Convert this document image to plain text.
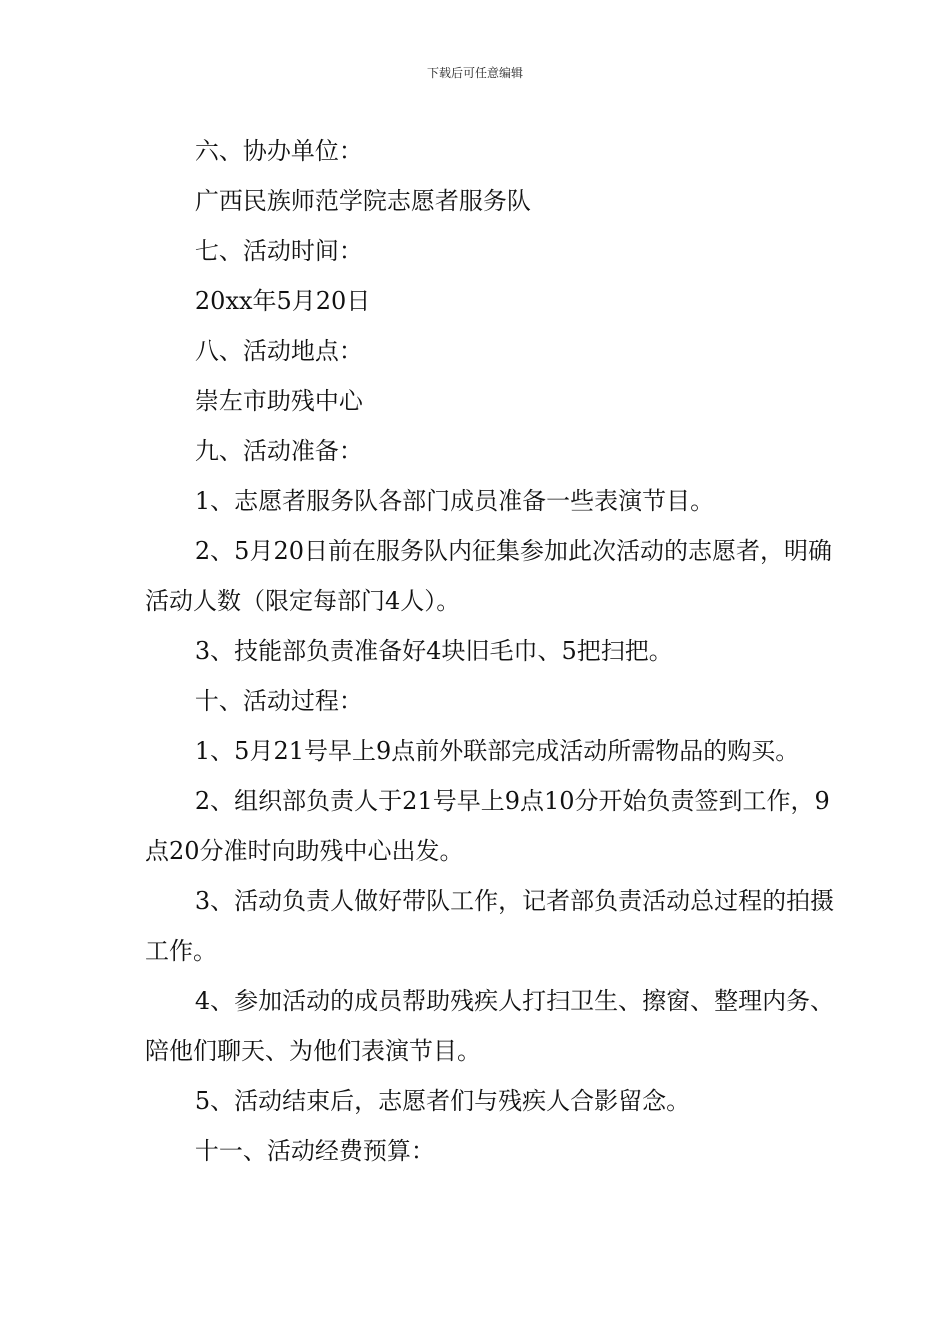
下载后可任意编辑

六、协办单位：

广西民族师范学院志愿者服务队

七、活动时间：

20xx年5月20日

八、活动地点：

崇左市助残中心

九、活动准备：

1、志愿者服务队各部门成员准备一些表演节目。

2、5月20日前在服务队内征集参加此次活动的志愿者，明确活动人数（限定每部门4人）。

3、技能部负责准备好4块旧毛巾、5把扫把。

十、活动过程：

1、5月21号早上9点前外联部完成活动所需物品的购买。

2、组织部负责人于21号早上9点10分开始负责签到工作，9点20分准时向助残中心出发。

3、活动负责人做好带队工作，记者部负责活动总过程的拍摄工作。

4、参加活动的成员帮助残疾人打扫卫生、擦窗、整理内务、陪他们聊天、为他们表演节目。

5、活动结束后，志愿者们与残疾人合影留念。

十一、活动经费预算：
